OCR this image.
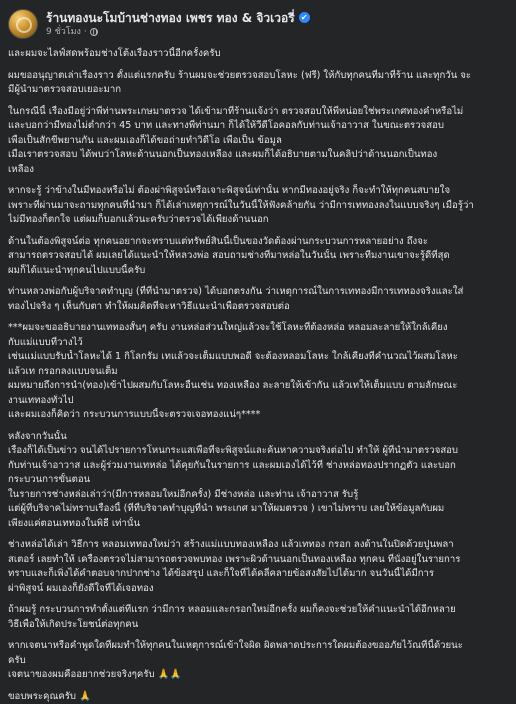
ร้านทองนะโมบ้านช่างทอง เพชร ทอง & จิวเวอรี่ ✔
9 ชั่วโมง ·
และผมจะไลฟ์สดพร้อมช่างโต้งเรื่องราวนี้อีกครั้งครับ
ผมขออนุญาตเล่าเรื่องราว ตั้งแต่แรกครับ ร้านผมจะช่วยตรวจสอบโลหะ (ฟรี) ให้กับทุกคนที่มาที่ร้าน และทุกวัน จะ
มีผู้นำมาตรวจสอบเยอะมาก
ในกรณีนี้ เรื่องมีอยู่ว่าพี่ท่านพระเกษมาตรวจ ได้เข้ามาที่ร้านแจ้งว่า ตรวจสอบให้พี่หน่อยใช่พระเกศทองคำหรือไม่
และบอกว่ามีทองไม่ต่ำกว่า 45 บาท และทางพี่ท่านมา ก็ได้ให้วีดีโอคอลกับท่านเจ้าอาวาส ในขณะตรวจสอบ
เพื่อเป็นสักขีพยานกัน และผมเองก็ได้ขอถ่ายทำวิดีโอ เพื่อเป็น ข้อมูล
เมื่อเราตรวจสอบ ได้พบว่าโลหะด้านนอกเป็นทองเหลือง และผมก็ได้อธิบายตามในคลิปว่าด้านนอกเป็นทอง
เหลือง
หากจะรู้ ว่าข้างในมีทองหรือไม่ ต้องผ่าพิสูจน์หรือเจาะพิสูจน์เท่านั้น หากมีทองอยู่จริง ก็จะทำให้ทุกคนสบายใจ
เพราะที่ผ่านมาจะถามทุกคนที่นำมา ก็ได้เล่าเหตุการณ์ในวันนี้ให้ฟังคล้ายกัน ว่ามีการเททองลงในแบบจริงๆ เมื่อรู้ว่า
ไม่มีทองก็ตกใจ แต่ผมก็บอกแล้วนะครับว่าตรวจได้เพียงด้านนอก
ด้านในต้องพิสูจน์ต่อ ทุกคนอยากจะทราบแต่ทรัพย์สินนี้เป็นของวัดต้องผ่านกระบวนการหลายอย่าง ถึงจะ
สามารถตรวจสอบได้ ผมเลยได้แนะนำให้หลวงพ่อ สอบถามช่างที่มาหล่อในวันนั้น เพราะทีมงานเขาจะรู้ดีที่สุด
ผมก็ได้แนะนำทุกคนไปแบบนี้ครับ
ท่านหลวงพ่อกับผู้บริจาคทำบุญ (ที่ที่นำมาตรวจ) ได้บอกตรงกัน ว่าเหตุการณ์ในการเททองมีการเททองจริงและใส่
ทองไปจริง ๆ เห็นกับตา ทำให้ผมคิดที่จะหาวิธีแนะนำเพื่อตรวจสอบต่อ
***ผมจะขออธิบายงานเททองสั้นๆ ครับ งานหล่อส่วนใหญ่แล้วจะใช้โลหะที่ต้องหล่อ หลอมละลายให้ใกล้เคียง
กับแม่แบบที่วางไว้
เช่นแม่แบบรับน้ำโลหะได้ 1 กิโลกรัม เทแล้วจะเต็มแบบพอดี จะต้องหลอมโลหะ ใกล้เคียงที่คำนวณไว้ผสมโลหะ
แล้วเท กรอกลงแบบจนเต็ม
ผมหมายถึงการนำ(ทอง)เข้าไปผสมกับโลหะอื่นเช่น ทองเหลือง ละลายให้เข้ากัน แล้วเทให้เต็มแบบ ตามลักษณะ
งานเททองทั่วไป
และผมเองก็คิดว่า กระบวนการแบบนี้จะตรวจเจอทองแน่ๆ****
หลังจากวันนั้น
เรื่องก็ได้เป็นข่าว จนได้ไปรายการโหนกระแสเพื่อที่จะพิสูจน์และค้นหาความจริงต่อไป ทำให้ ผู้ที่นำมาตรวจสอบ
กับท่านเจ้าอาวาส และผู้ร่วมงานเทหล่อ ได้คุยกันในรายการ และผมเองได้ไว้ที่ ช่างหล่อทองปรากฏตัว และบอก
กระบวนการขั้นตอน
ในรายการช่างหล่อเล่าว่า(มีการหลอมใหม่อีกครั้ง) มีช่างหล่อ และท่าน เจ้าอาวาส รับรู้
แต่ผู้ที่บริจาคไม่ทราบเรื่องนี้ (ที่ที่บริจาคทำบุญที่นำ พระเกศ มาให้ผมตรวจ ) เขาไม่ทราบ เลยให้ข้อมูลกับผม
เพียงแค่ตอนเททองในพิธี เท่านั้น
ช่างหล่อได้เล่า วิธีการ หลอมเททองใหม่ว่า สร้างแม่แบบทองเหลือง แล้วเททอง กรอก ลงด้านในปิดด้วยปูนพลา
สเตอร์ เลยทำให้ เครื่องตรวจไม่สามารถตรวจพบทอง เพราะผิวด้านนอกเป็นทองเหลือง ทุกคน ที่นั่งอยู่ในรายการ
ทราบและก็เพิ่งได้คำตอบจากปากช่าง ได้ข้อสรุป และก็ใจที่ได้คลี่คลายข้อสงสัยไปได้มาก จนวันนี้ได้มีการ
ผ่าพิสูจน์ ผมเองก็ยังดีใจที่ได้เจอทอง
ถ้าผมรู้ กระบวนการทำตั้งแต่ทีแรก ว่ามีการ หลอมและกรอกใหม่อีกครั้ง ผมก็คงจะช่วยให้คำแนะนำได้อีกหลาย
วิธีเพื่อให้เกิดประโยชน์ต่อทุกคน
หากเจตนาหรือคำพูดใดที่ผมทำให้ทุกคนในเหตุการณ์เข้าใจผิด ผิดพลาดประการใดผมต้องขออภัยไว้ณที่นี้ด้วยนะ
ครับ
เจตนาของผมคืออยากช่วยจริงๆครับ 🙏🙏
ขอบพระคุณครับ 🙏
